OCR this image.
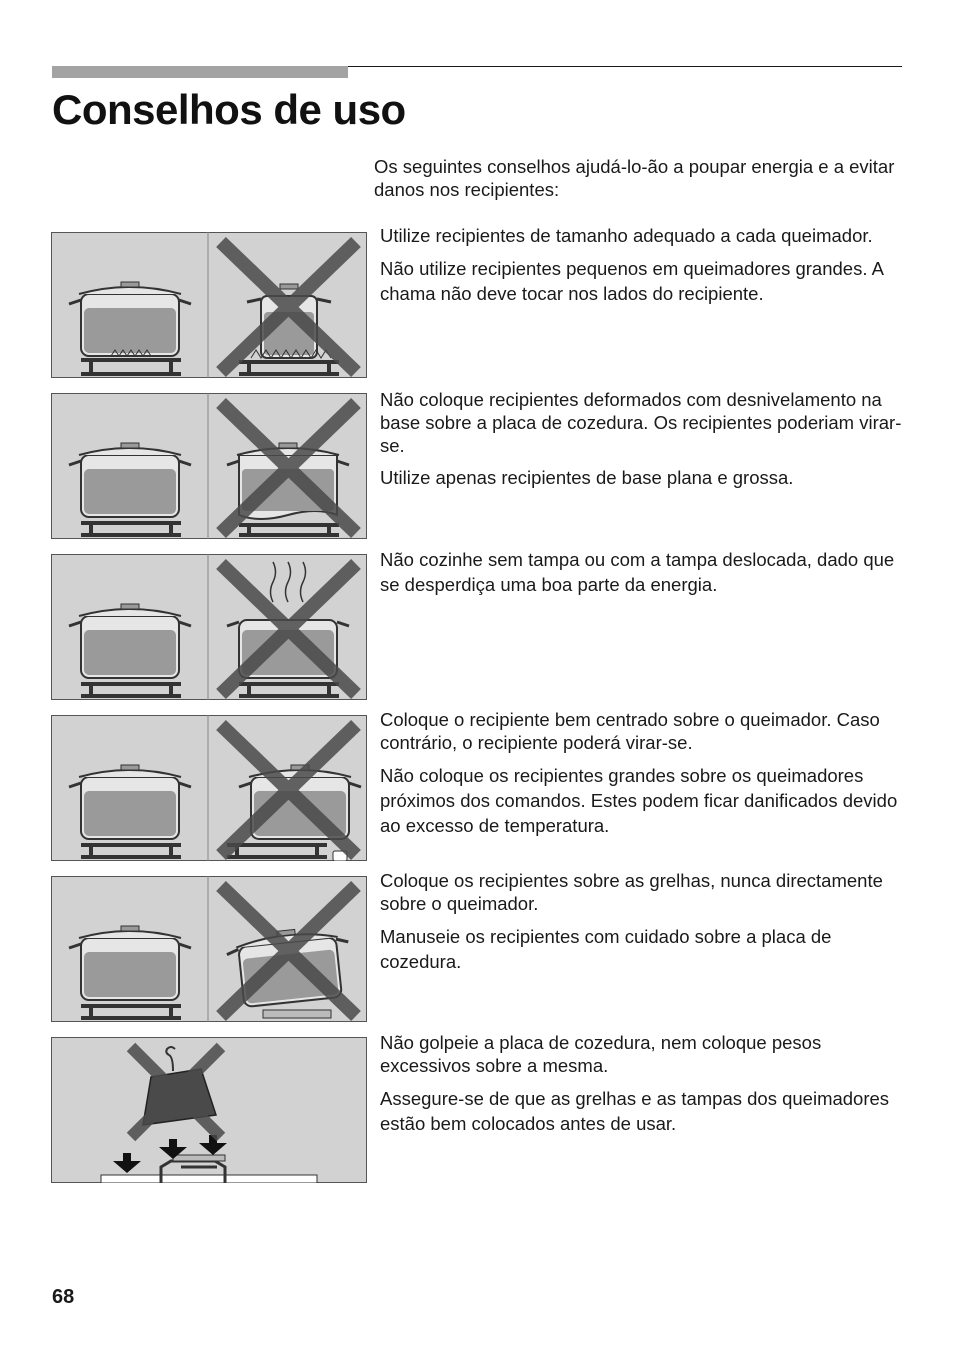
Conselhos de uso

Os seguintes conselhos ajudá-lo-ão a poupar energia e a evitar danos nos recipientes:

Utilize recipientes de tamanho adequado a cada queimador.

Não utilize recipientes pequenos em queimadores grandes. A chama não deve tocar nos lados do recipiente.

Não coloque recipientes deformados com desnivelamento na base sobre a placa de cozedura. Os recipientes poderiam virar-se.

Utilize apenas recipientes de base plana e grossa.

Não cozinhe sem tampa ou com a tampa deslocada, dado que se desperdiça uma boa parte da energia.

Coloque o recipiente bem centrado sobre o queimador. Caso contrário, o recipiente poderá virar-se.

Não coloque os recipientes grandes sobre os queimadores próximos dos comandos. Estes podem ficar danificados devido ao excesso de temperatura.

Coloque os recipientes sobre as grelhas, nunca directamente sobre o queimador.

Manuseie os recipientes com cuidado sobre a placa de cozedura.

Não golpeie a placa de cozedura, nem coloque pesos excessivos sobre a mesma.

Assegure-se de que as grelhas e as tampas dos queimadores estão bem colocados antes de usar.

68
